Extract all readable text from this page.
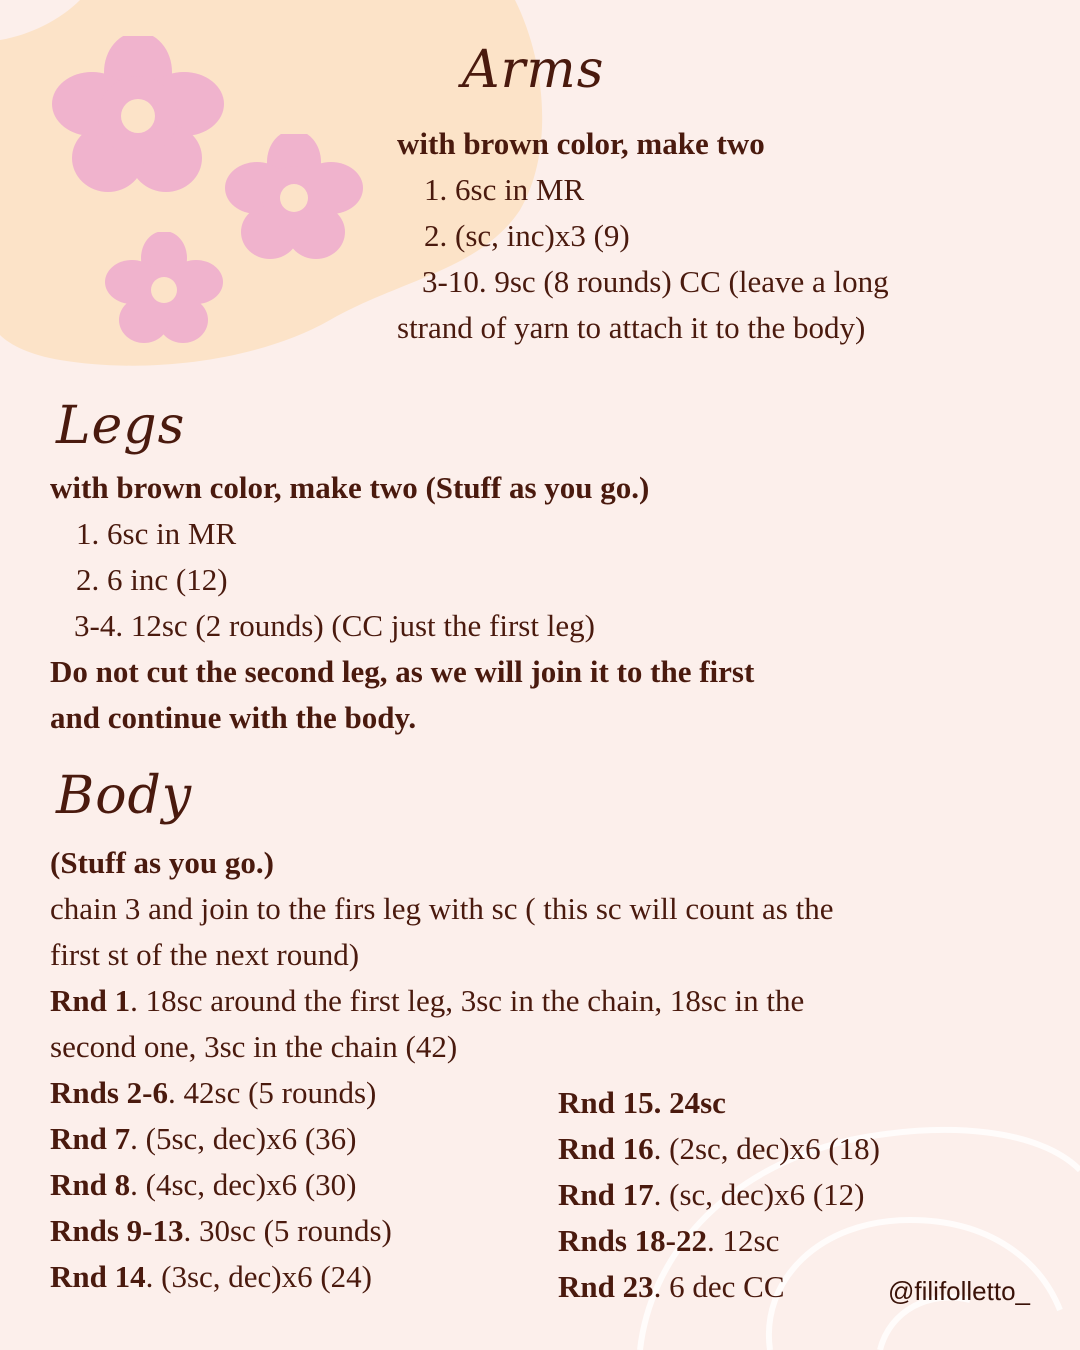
Arms
with brown color, make two
1. 6sc in MR
2. (sc, inc)x3 (9)
3-10. 9sc (8 rounds) CC (leave a long
strand of yarn to attach it to the body)
Legs
with brown color, make two (Stuff as you go.)
1. 6sc in MR
2. 6 inc (12)
3-4. 12sc (2 rounds) (CC just the first leg)
Do not cut the second leg, as we will join it to the first
and continue with the body.
Body
(Stuff as you go.)
chain 3 and join to the firs leg with sc ( this sc will count as the
first st of the next round)
Rnd 1. 18sc around the first leg, 3sc in the chain, 18sc in the
second one, 3sc in the chain (42)
Rnds 2-6. 42sc (5 rounds)
Rnd 7. (5sc, dec)x6 (36)
Rnd 8. (4sc, dec)x6 (30)
Rnds 9-13. 30sc (5 rounds)
Rnd 14. (3sc, dec)x6 (24)
Rnd 15. 24sc
Rnd 16. (2sc, dec)x6 (18)
Rnd 17. (sc, dec)x6 (12)
Rnds 18-22. 12sc
Rnd 23. 6 dec CC	@filifolletto_
